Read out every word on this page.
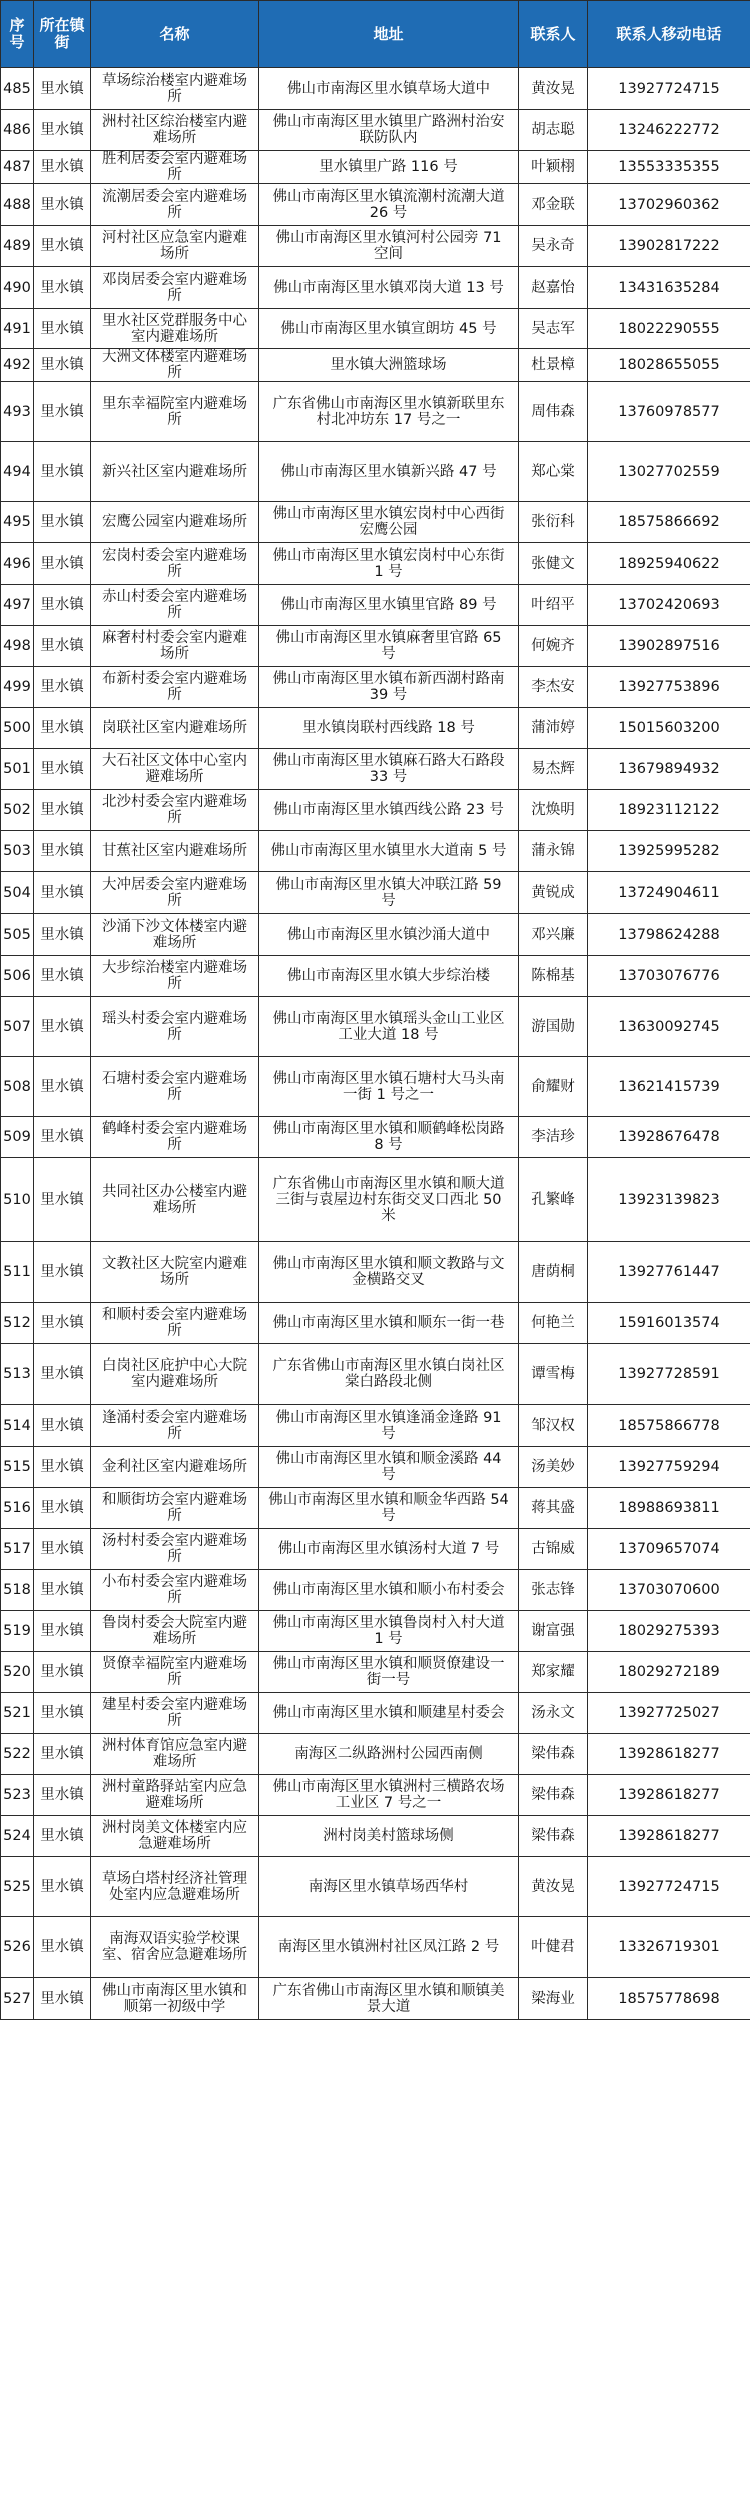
序号	所在镇街	名称	地址	联系人	联系人移动电话
485	里水镇	草场综治楼室内避难场所	佛山市南海区里水镇草场大道中	黄汝晃	13927724715
486	里水镇	洲村社区综治楼室内避难场所	佛山市南海区里水镇里广路洲村治安联防队内	胡志聪	13246222772
487	里水镇	胜利居委会室内避难场所	里水镇里广路 116 号	叶颖栩	13553335355
488	里水镇	流潮居委会室内避难场所	佛山市南海区里水镇流潮村流潮大道 26 号	邓金联	13702960362
489	里水镇	河村社区应急室内避难场所	佛山市南海区里水镇河村公园旁 71 空间	吴永奇	13902817222
490	里水镇	邓岗居委会室内避难场所	佛山市南海区里水镇邓岗大道 13 号	赵嘉怡	13431635284
491	里水镇	里水社区党群服务中心室内避难场所	佛山市南海区里水镇宣朗坊 45 号	吴志军	18022290555
492	里水镇	大洲文体楼室内避难场所	里水镇大洲篮球场	杜景樟	18028655055
493	里水镇	里东幸福院室内避难场所	广东省佛山市南海区里水镇新联里东村北冲坊东 17 号之一	周伟森	13760978577
494	里水镇	新兴社区室内避难场所	佛山市南海区里水镇新兴路 47 号	郑心棠	13027702559
495	里水镇	宏鹰公园室内避难场所	佛山市南海区里水镇宏岗村中心西街宏鹰公园	张衍科	18575866692
496	里水镇	宏岗村委会室内避难场所	佛山市南海区里水镇宏岗村中心东街 1 号	张健文	18925940622
497	里水镇	赤山村委会室内避难场所	佛山市南海区里水镇里官路 89 号	叶绍平	13702420693
498	里水镇	麻奢村村委会室内避难场所	佛山市南海区里水镇麻奢里官路 65 号	何婉齐	13902897516
499	里水镇	布新村委会室内避难场所	佛山市南海区里水镇布新西湖村路南 39 号	李杰安	13927753896
500	里水镇	岗联社区室内避难场所	里水镇岗联村西线路 18 号	蒲沛婷	15015603200
501	里水镇	大石社区文体中心室内避难场所	佛山市南海区里水镇麻石路大石路段 33 号	易杰辉	13679894932
502	里水镇	北沙村委会室内避难场所	佛山市南海区里水镇西线公路 23 号	沈焕明	18923112122
503	里水镇	甘蕉社区室内避难场所	佛山市南海区里水镇里水大道南 5 号	蒲永锦	13925995282
504	里水镇	大冲居委会室内避难场所	佛山市南海区里水镇大冲联江路 59 号	黄锐成	13724904611
505	里水镇	沙涌下沙文体楼室内避难场所	佛山市南海区里水镇沙涌大道中	邓兴廉	13798624288
506	里水镇	大步综治楼室内避难场所	佛山市南海区里水镇大步综治楼	陈棉基	13703076776
507	里水镇	瑶头村委会室内避难场所	佛山市南海区里水镇瑶头金山工业区工业大道 18 号	游国勋	13630092745
508	里水镇	石塘村委会室内避难场所	佛山市南海区里水镇石塘村大马头南一街 1 号之一	俞耀财	13621415739
509	里水镇	鹤峰村委会室内避难场所	佛山市南海区里水镇和顺鹤峰松岗路 8 号	李洁珍	13928676478
510	里水镇	共同社区办公楼室内避难场所	广东省佛山市南海区里水镇和顺大道三街与袁屋边村东街交叉口西北 50 米	孔繁峰	13923139823
511	里水镇	文教社区大院室内避难场所	佛山市南海区里水镇和顺文教路与文金横路交叉	唐荫桐	13927761447
512	里水镇	和顺村委会室内避难场所	佛山市南海区里水镇和顺东一街一巷	何艳兰	15916013574
513	里水镇	白岗社区庇护中心大院室内避难场所	广东省佛山市南海区里水镇白岗社区棠白路段北侧	谭雪梅	13927728591
514	里水镇	逢涌村委会室内避难场所	佛山市南海区里水镇逢涌金逢路 91 号	邹汉权	18575866778
515	里水镇	金利社区室内避难场所	佛山市南海区里水镇和顺金溪路 44 号	汤美妙	13927759294
516	里水镇	和顺街坊会室内避难场所	佛山市南海区里水镇和顺金华西路 54 号	蒋其盛	18988693811
517	里水镇	汤村村委会室内避难场所	佛山市南海区里水镇汤村大道 7 号	古锦威	13709657074
518	里水镇	小布村委会室内避难场所	佛山市南海区里水镇和顺小布村委会	张志锋	13703070600
519	里水镇	鲁岗村委会大院室内避难场所	佛山市南海区里水镇鲁岗村入村大道 1 号	谢富强	18029275393
520	里水镇	贤僚幸福院室内避难场所	佛山市南海区里水镇和顺贤僚建设一街一号	郑家耀	18029272189
521	里水镇	建星村委会室内避难场所	佛山市南海区里水镇和顺建星村委会	汤永文	13927725027
522	里水镇	洲村体育馆应急室内避难场所	南海区二纵路洲村公园西南侧	梁伟森	13928618277
523	里水镇	洲村童路驿站室内应急避难场所	佛山市南海区里水镇洲村三横路农场工业区 7 号之一	梁伟森	13928618277
524	里水镇	洲村岗美文体楼室内应急避难场所	洲村岗美村篮球场侧	梁伟森	13928618277
525	里水镇	草场白塔村经济社管理处室内应急避难场所	南海区里水镇草场西华村	黄汝晃	13927724715
526	里水镇	南海双语实验学校课室、宿舍应急避难场所	南海区里水镇洲村社区凤江路 2 号	叶健君	13326719301
527	里水镇	佛山市南海区里水镇和顺第一初级中学	广东省佛山市南海区里水镇和顺镇美景大道	梁海业	18575778698
